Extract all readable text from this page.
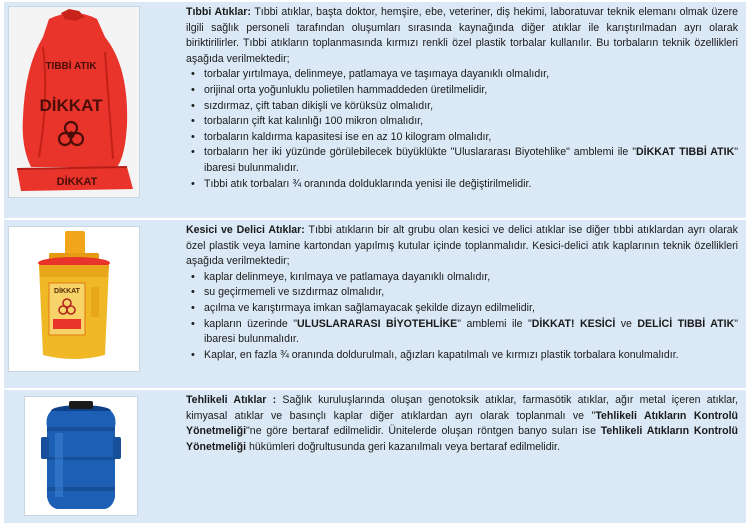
TIBBİ ATIK
DİKKAT
DİKKAT

Tıbbi Atıklar: Tıbbi atıklar, başta doktor, hemşire, ebe, veteriner, diş hekimi, laboratuvar teknik elemanı olmak üzere ilgili sağlık personeli tarafından oluşumları sırasında kaynağında diğer atıklar ile karıştırılmadan ayrı olarak biriktirilirler. Tıbbi atıkların toplanmasında kırmızı renkli özel plastik torbalar kullanılır. Bu torbaların teknik özellikleri aşağıda verilmektedir;

• torbalar yırtılmaya, delinmeye, patlamaya ve taşımaya dayanıklı olmalıdır,
• orijinal orta yoğunluklu polietilen hammaddeden üretilmelidir,
• sızdırmaz, çift taban dikişli ve körüksüz olmalıdır,
• torbaların çift kat kalınlığı 100 mikron olmalıdır,
• torbaların kaldırma kapasitesi ise en az 10 kilogram olmalıdır,
• torbaların her iki yüzünde görülebilecek büyüklükte "Uluslararası Biyotehlike" amblemi ile "DİKKAT TIBBİ ATIK" ibaresi bulunmalıdır.
• Tıbbi atık torbaları ¾ oranında dolduklarında yenisi ile değiştirilmelidir.
DİKKAT

Kesici ve Delici Atıklar: Tıbbi atıkların bir alt grubu olan kesici ve delici atıklar ise diğer tıbbi atıklardan ayrı olarak özel plastik veya lamine kartondan yapılmış kutular içinde toplanmalıdır. Kesici-delici atık kaplarının teknik özellikleri aşağıda verilmektedir;

• kaplar delinmeye, kırılmaya ve patlamaya dayanıklı olmalıdır,
• su geçirmemeli ve sızdırmaz olmalıdır,
• açılma ve karıştırmaya imkan sağlamayacak şekilde dizayn edilmelidir,
• kapların üzerinde "ULUSLARARASI BİYOTEHLİKE" amblemi ile "DİKKAT! KESİCİ ve DELİCİ TIBBİ ATIK" ibaresi bulunmalıdır.
• Kaplar, en fazla ¾ oranında doldurulmalı, ağızları kapatılmalı ve kırmızı plastik torbalara konulmalıdır.

Tehlikeli Atıklar : Sağlık kuruluşlarında oluşan genotoksik atıklar, farmasötik atıklar, ağır metal içeren atıklar, kimyasal atıklar ve basınçlı kaplar diğer atıklardan ayrı olarak toplanmalı ve "Tehlikeli Atıkların Kontrolü Yönetmeliği"ne göre bertaraf edilmelidir. Ünitelerde oluşan röntgen banyo suları ise Tehlikeli Atıkların Kontrolü Yönetmeliği hükümleri doğrultusunda geri kazanılmalı veya bertaraf edilmelidir.
